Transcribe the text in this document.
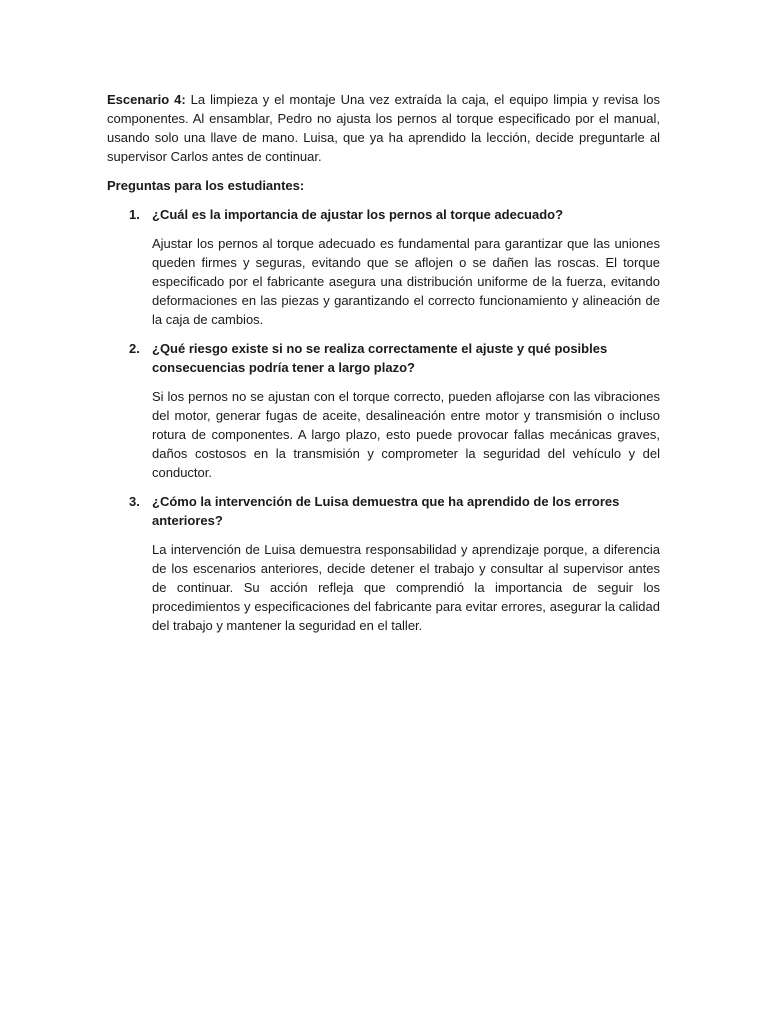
Escenario 4: La limpieza y el montaje Una vez extraída la caja, el equipo limpia y revisa los componentes. Al ensamblar, Pedro no ajusta los pernos al torque especificado por el manual, usando solo una llave de mano. Luisa, que ya ha aprendido la lección, decide preguntarle al supervisor Carlos antes de continuar.

Preguntas para los estudiantes:

1. ¿Cuál es la importancia de ajustar los pernos al torque adecuado?

Ajustar los pernos al torque adecuado es fundamental para garantizar que las uniones queden firmes y seguras, evitando que se aflojen o se dañen las roscas. El torque especificado por el fabricante asegura una distribución uniforme de la fuerza, evitando deformaciones en las piezas y garantizando el correcto funcionamiento y alineación de la caja de cambios.

2. ¿Qué riesgo existe si no se realiza correctamente el ajuste y qué posibles consecuencias podría tener a largo plazo?

Si los pernos no se ajustan con el torque correcto, pueden aflojarse con las vibraciones del motor, generar fugas de aceite, desalineación entre motor y transmisión o incluso rotura de componentes. A largo plazo, esto puede provocar fallas mecánicas graves, daños costosos en la transmisión y comprometer la seguridad del vehículo y del conductor.

3. ¿Cómo la intervención de Luisa demuestra que ha aprendido de los errores anteriores?

La intervención de Luisa demuestra responsabilidad y aprendizaje porque, a diferencia de los escenarios anteriores, decide detener el trabajo y consultar al supervisor antes de continuar. Su acción refleja que comprendió la importancia de seguir los procedimientos y especificaciones del fabricante para evitar errores, asegurar la calidad del trabajo y mantener la seguridad en el taller.
